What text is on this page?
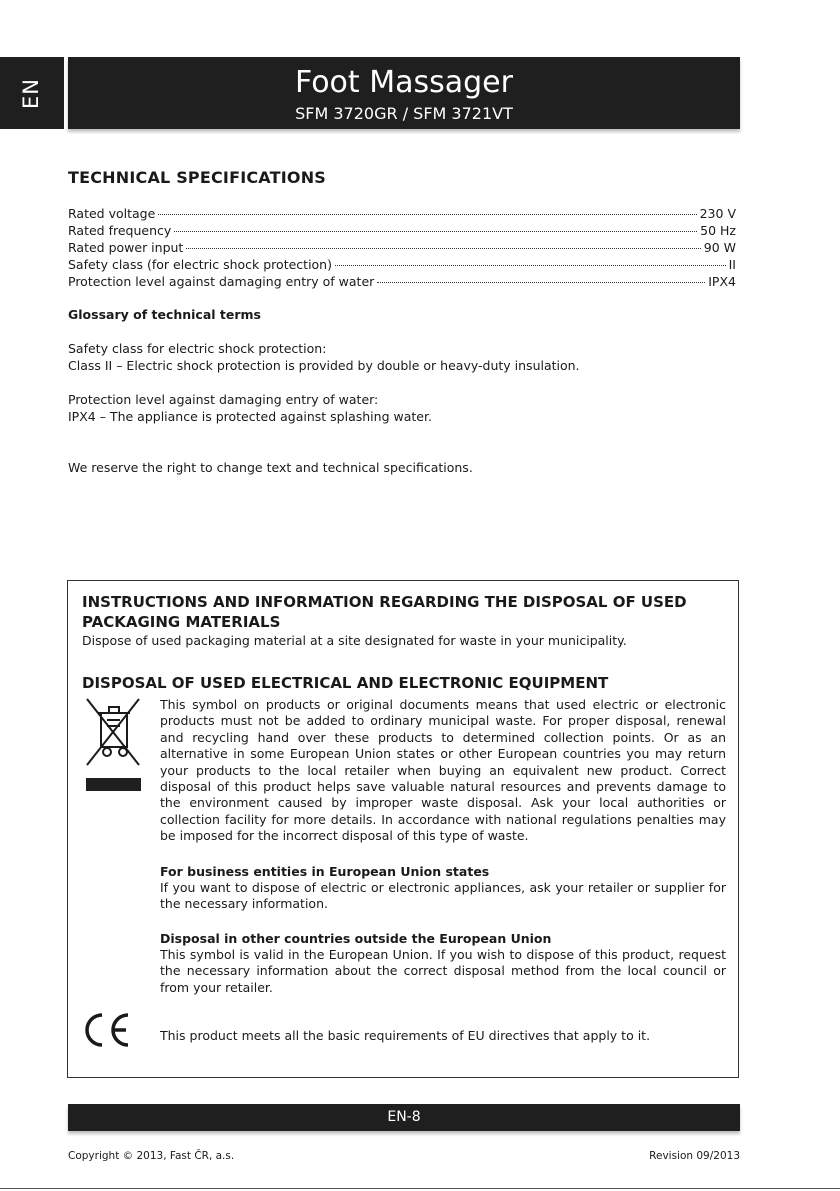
EN	Foot Massager
SFM 3720GR / SFM 3721VT
TECHNICAL SPECIFICATIONS
Rated voltage	230 V
Rated frequency	50 Hz
Rated power input	90 W
Safety class (for electric shock protection)	II
Protection level against damaging entry of water	IPX4
Glossary of technical terms
Safety class for electric shock protection:
Class II – Electric shock protection is provided by double or heavy-duty insulation.
Protection level against damaging entry of water:
IPX4 – The appliance is protected against splashing water.
We reserve the right to change text and technical specifications.
INSTRUCTIONS AND INFORMATION REGARDING THE DISPOSAL OF USED
PACKAGING MATERIALS
Dispose of used packaging material at a site designated for waste in your municipality.
DISPOSAL OF USED ELECTRICAL AND ELECTRONIC EQUIPMENT
This symbol on products or original documents means that used electric or electronic products must not be added to ordinary municipal waste. For proper disposal, renewal and recycling hand over these products to determined collection points. Or as an alternative in some European Union states or other European countries you may return your products to the local retailer when buying an equivalent new product. Correct disposal of this product helps save valuable natural resources and prevents damage to the environment caused by improper waste disposal. Ask your local authorities or collection facility for more details. In accordance with national regulations penalties may be imposed for the incorrect disposal of this type of waste.
For business entities in European Union states
If you want to dispose of electric or electronic appliances, ask your retailer or supplier for the necessary information.
Disposal in other countries outside the European Union
This symbol is valid in the European Union. If you wish to dispose of this product, request the necessary information about the correct disposal method from the local council or from your retailer.
This product meets all the basic requirements of EU directives that apply to it.
EN-8
Copyright © 2013, Fast ČR, a.s.	Revision 09/2013
